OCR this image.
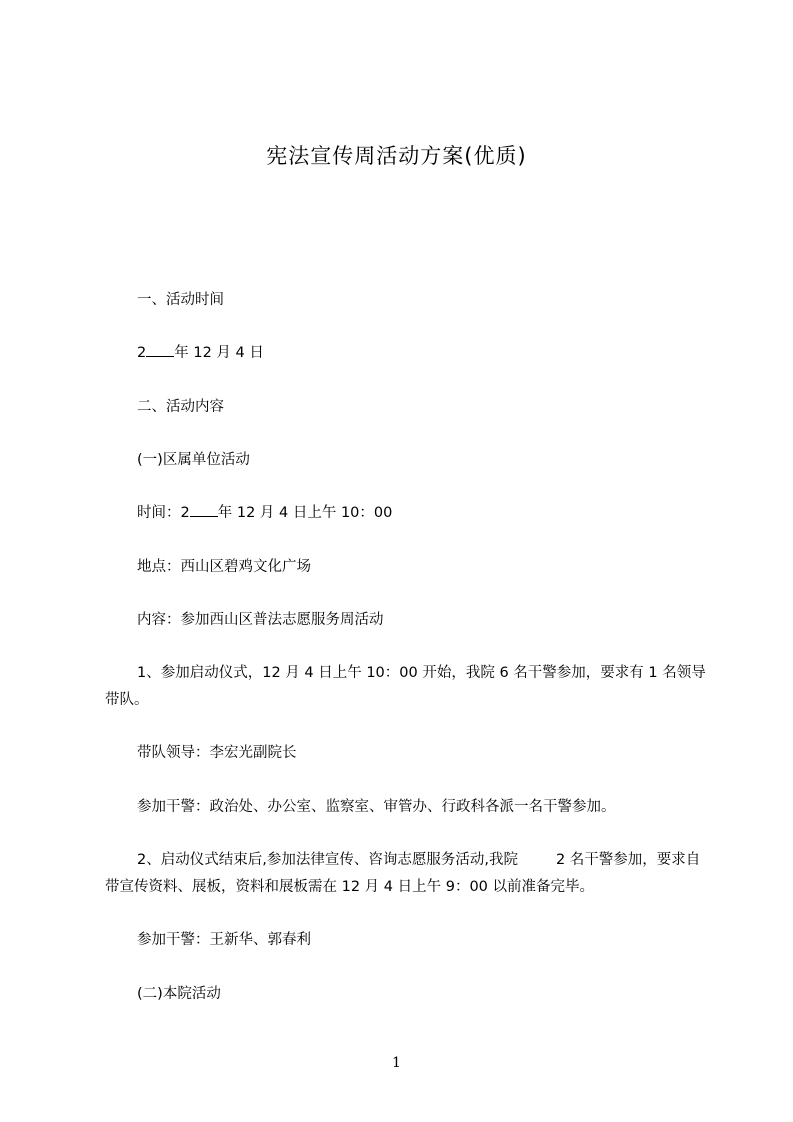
宪法宣传周活动方案(优质)
一、活动时间
2 年 12 月 4 日
二、活动内容
(一)区属单位活动
时间：2 年 12 月 4 日上午 10：00
地点：西山区碧鸡文化广场
内容：参加西山区普法志愿服务周活动
1、参加启动仪式，12 月 4 日上午 10：00 开始，我院 6 名干警参加，要求有 1 名领导带队。
带队领导：李宏光副院长
参加干警：政治处、办公室、监察室、审管办、行政科各派一名干警参加。
2、启动仪式结束后,参加法律宣传、咨询志愿服务活动,我院	2 名干警参加，要求自带宣传资料、展板，资料和展板需在 12 月 4 日上午 9：00 以前准备完毕。
参加干警：王新华、郭春利
(二)本院活动
1
